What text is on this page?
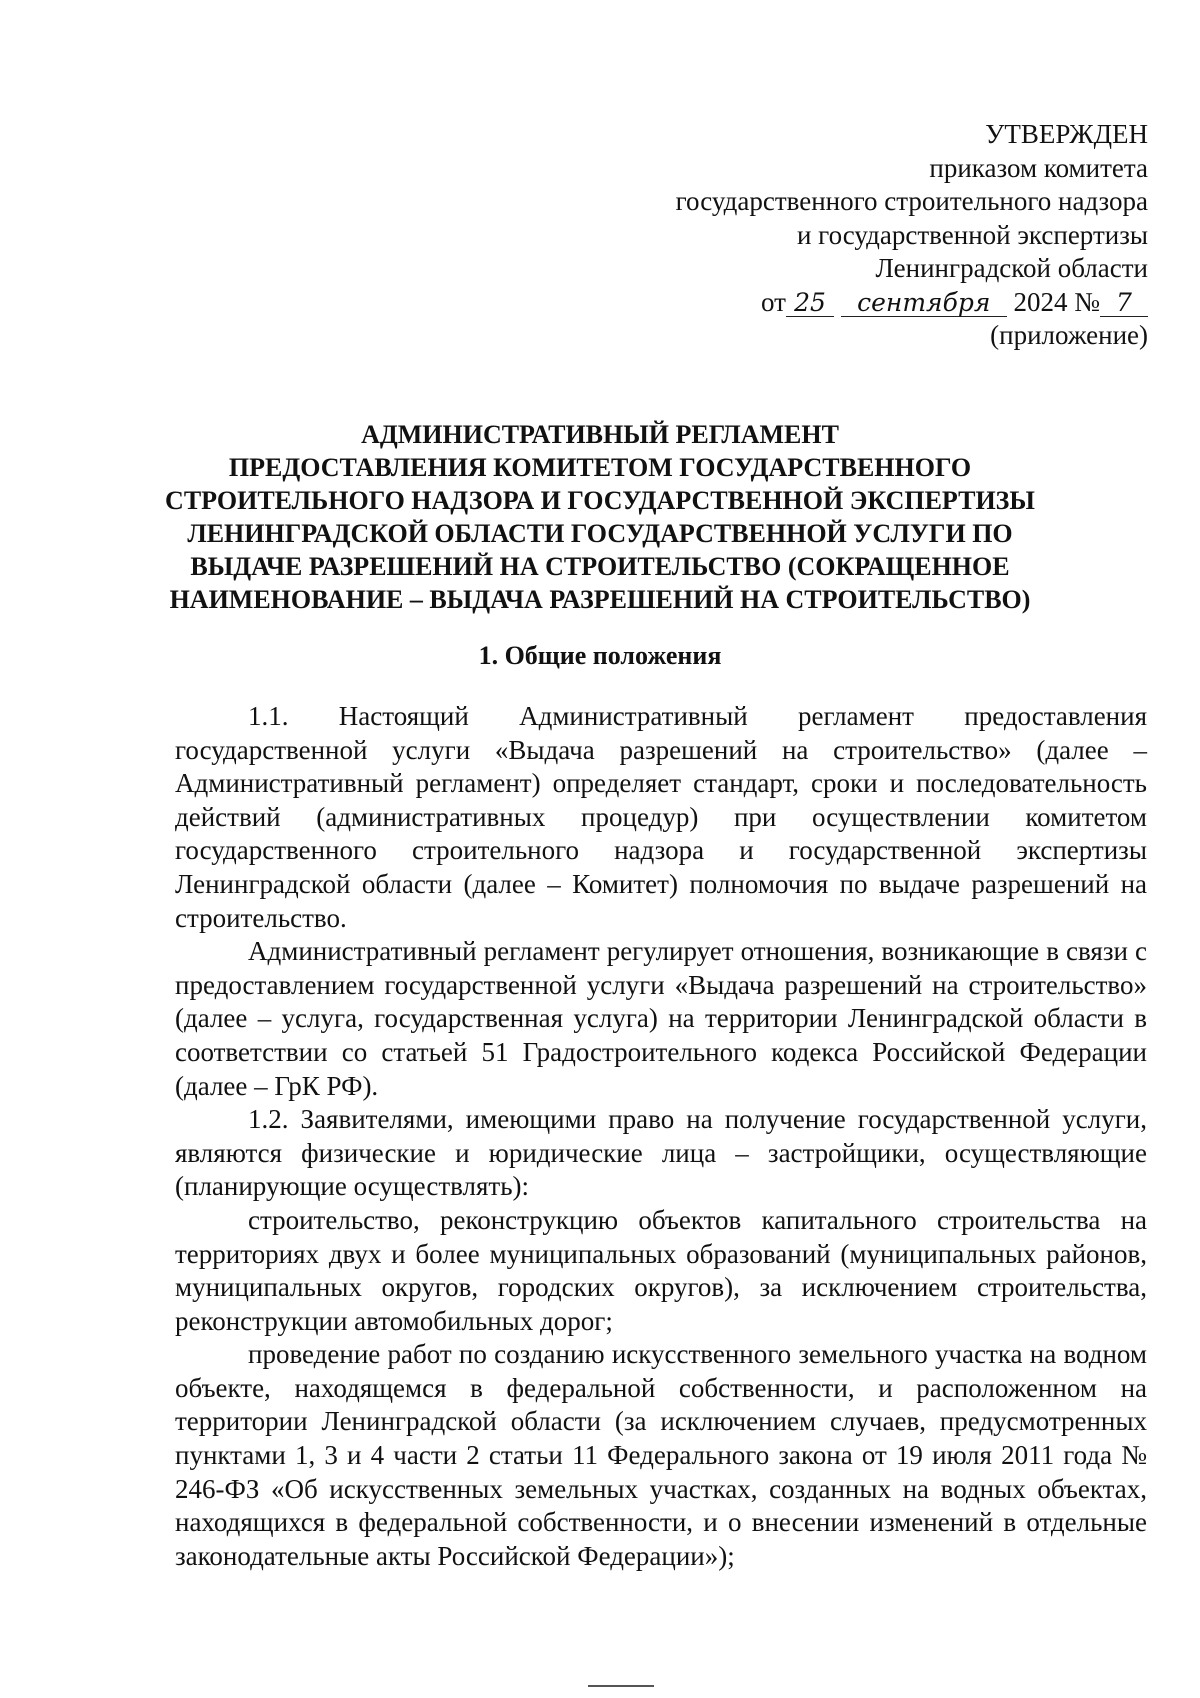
УТВЕРЖДЕН
приказом комитета
государственного строительного надзора
и государственной экспертизы
Ленинградской области
от 25 сентября 2024 № 7
(приложение)
АДМИНИСТРАТИВНЫЙ РЕГЛАМЕНТ
ПРЕДОСТАВЛЕНИЯ КОМИТЕТОМ ГОСУДАРСТВЕННОГО
СТРОИТЕЛЬНОГО НАДЗОРА И ГОСУДАРСТВЕННОЙ ЭКСПЕРТИЗЫ
ЛЕНИНГРАДСКОЙ ОБЛАСТИ ГОСУДАРСТВЕННОЙ УСЛУГИ ПО
ВЫДАЧЕ РАЗРЕШЕНИЙ НА СТРОИТЕЛЬСТВО (СОКРАЩЕННОЕ
НАИМЕНОВАНИЕ – ВЫДАЧА РАЗРЕШЕНИЙ НА СТРОИТЕЛЬСТВО)
1. Общие положения

1.1. Настоящий Административный регламент предоставления государственной услуги «Выдача разрешений на строительство» (далее – Административный регламент) определяет стандарт, сроки и последовательность действий (административных процедур) при осуществлении комитетом государственного строительного надзора и государственной экспертизы Ленинградской области (далее – Комитет) полномочия по выдаче разрешений на строительство.

Административный регламент регулирует отношения, возникающие в связи с предоставлением государственной услуги «Выдача разрешений на строительство» (далее – услуга, государственная услуга) на территории Ленинградской области в соответствии со статьей 51 Градостроительного кодекса Российской Федерации (далее – ГрК РФ).

1.2. Заявителями, имеющими право на получение государственной услуги, являются физические и юридические лица – застройщики, осуществляющие (планирующие осуществлять):

строительство, реконструкцию объектов капитального строительства на территориях двух и более муниципальных образований (муниципальных районов, муниципальных округов, городских округов), за исключением строительства, реконструкции автомобильных дорог;

проведение работ по созданию искусственного земельного участка на водном объекте, находящемся в федеральной собственности, и расположенном на территории Ленинградской области (за исключением случаев, предусмотренных пунктами 1, 3 и 4 части 2 статьи 11 Федерального закона от 19 июля 2011 года № 246-ФЗ «Об искусственных земельных участках, созданных на водных объектах, находящихся в федеральной собственности, и о внесении изменений в отдельные законодательные акты Российской Федерации»);
